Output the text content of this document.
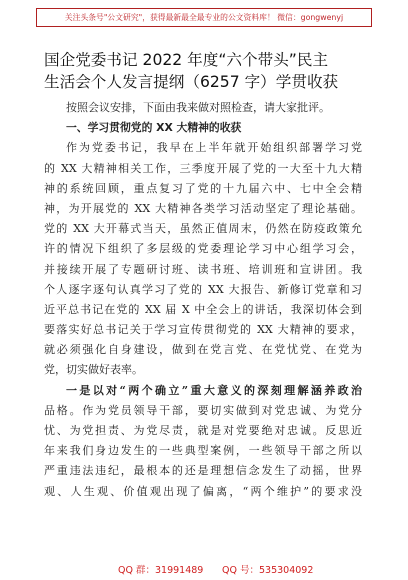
关注头条号"公文研究"，获得最新最全最专业的公文资料库！ 微信：gongwenyj
国企党委书记 2022 年度“六个带头”民主
生活会个人发言提纲（6257 字）学贯收获
按照会议安排，下面由我来做对照检查，请大家批评。
一、学习贯彻党的 XX 大精神的收获
作为党委书记，我早在上半年就开始组织部署学习党
的 XX 大精神相关工作，三季度开展了党的一大至十九大精
神的系统回顾，重点复习了党的十九届六中、七中全会精
神，为开展党的 XX 大精神各类学习活动坚定了理论基础。
党的 XX 大开幕式当天，虽然正值周末，仍然在防疫政策允
许的情况下组织了多层级的党委理论学习中心组学习会，
并接续开展了专题研讨班、读书班、培训班和宣讲团。我
个人逐字逐句认真学习了党的 XX 大报告、新修订党章和习
近平总书记在党的 XX 届 X 中全会上的讲话，我深切体会到
要落实好总书记关于学习宣传贯彻党的 XX 大精神的要求，
就必须强化自身建设，做到在党言党、在党忧党、在党为
党，切实做好表率。
一是以对“两个确立”重大意义的深刻理解涵养政治
品格。作为党员领导干部，要切实做到对党忠诚、为党分
忧、为党担责、为党尽责，就是对党要绝对忠诚。反思近
年来我们身边发生的一些典型案例，一些领导干部之所以
严重违法违纪，最根本的还是理想信念发生了动摇，世界
观、人生观、价值观出现了偏离，“两个维护”的要求没
QQ 群：31991489 QQ 号：535304092
